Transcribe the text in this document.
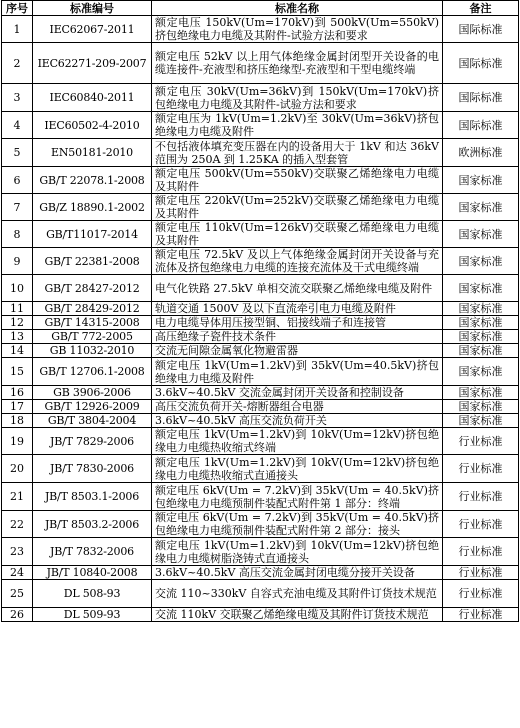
序号	标准编号	标准名称	备注
1	IEC62067-2011	额定电压 150kV(Um=170kV)到 500kV(Um=550kV)挤包绝缘电力电缆及其附件-试验方法和要求	国际标准
2	IEC62271-209-2007	额定电压 52kV 以上用气体绝缘金属封闭型开关设备的电缆连接件-充液型和挤压绝缘型-充液型和干型电缆终端	国际标准
3	IEC60840-2011	额定电压 30kV(Um=36kV)到 150kV(Um=170kV)挤包绝缘电力电缆及其附件-试验方法和要求	国际标准
4	IEC60502-4-2010	额定电压为 1kV(Um=1.2kV)至 30kV(Um=36kV)挤包绝缘电力电缆及附件	国际标准
5	EN50181-2010	不包括液体填充变压器在内的设备用大于 1kV 和达 36kV 范围为 250A 到 1.25KA 的插入型套管	欧洲标准
6	GB/T 22078.1-2008	额定电压 500kV(Um=550kV)交联聚乙烯绝缘电力电缆及其附件	国家标准
7	GB/Z 18890.1-2002	额定电压 220kV(Um=252kV)交联聚乙烯绝缘电力电缆及其附件	国家标准
8	GB/T11017-2014	额定电压 110kV(Um=126kV)交联聚乙烯绝缘电力电缆及其附件	国家标准
9	GB/T 22381-2008	额定电压 72.5kV 及以上气体绝缘金属封闭开关设备与充流体及挤包绝缘电力电缆的连接充流体及干式电缆终端	国家标准
10	GB/T 28427-2012	电气化铁路 27.5kV 单相交流交联聚乙烯绝缘电缆及附件	国家标准
11	GB/T 28429-2012	轨道交通 1500V 及以下直流牵引电力电缆及附件	国家标准
12	GB/T 14315-2008	电力电缆导体用压接型铜、铝接线端子和连接管	国家标准
13	GB/T 772-2005	高压绝缘子瓷件技术条件	国家标准
14	GB 11032-2010	交流无间隙金属氧化物避雷器	国家标准
15	GB/T 12706.1-2008	额定电压 1kV(Um=1.2kV)到 35kV(Um=40.5kV)挤包绝缘电力电缆及附件	国家标准
16	GB 3906-2006	3.6kV~40.5kV 交流金属封闭开关设备和控制设备	国家标准
17	GB/T 12926-2009	高压交流负荷开关-熔断器组合电器	国家标准
18	GB/T 3804-2004	3.6kV~40.5kV 高压交流负荷开关	国家标准
19	JB/T 7829-2006	额定电压 1kV(Um=1.2kV)到 10kV(Um=12kV)挤包绝缘电力电缆热收缩式终端	行业标准
20	JB/T 7830-2006	额定电压 1kV(Um=1.2kV)到 10kV(Um=12kV)挤包绝缘电力电缆热收缩式直通接头	行业标准
21	JB/T 8503.1-2006	额定电压 6kV(Um = 7.2kV)到 35kV(Um = 40.5kV)挤包绝缘电力电缆预制件装配式附件第 1 部分：终端	行业标准
22	JB/T 8503.2-2006	额定电压 6kV(Um = 7.2kV)到 35kV(Um = 40.5kV)挤包绝缘电力电缆预制件装配式附件第 2 部分：接头	行业标准
23	JB/T 7832-2006	额定电压 1kV(Um=1.2kV)到 10kV(Um=12kV)挤包绝缘电力电缆树脂浇铸式直通接头	行业标准
24	JB/T 10840-2008	3.6kV~40.5kV 高压交流金属封闭电缆分接开关设备	行业标准
25	DL 508-93	交流 110~330kV 自容式充油电缆及其附件订货技术规范	行业标准
26	DL 509-93	交流 110kV 交联聚乙烯绝缘电缆及其附件订货技术规范	行业标准
